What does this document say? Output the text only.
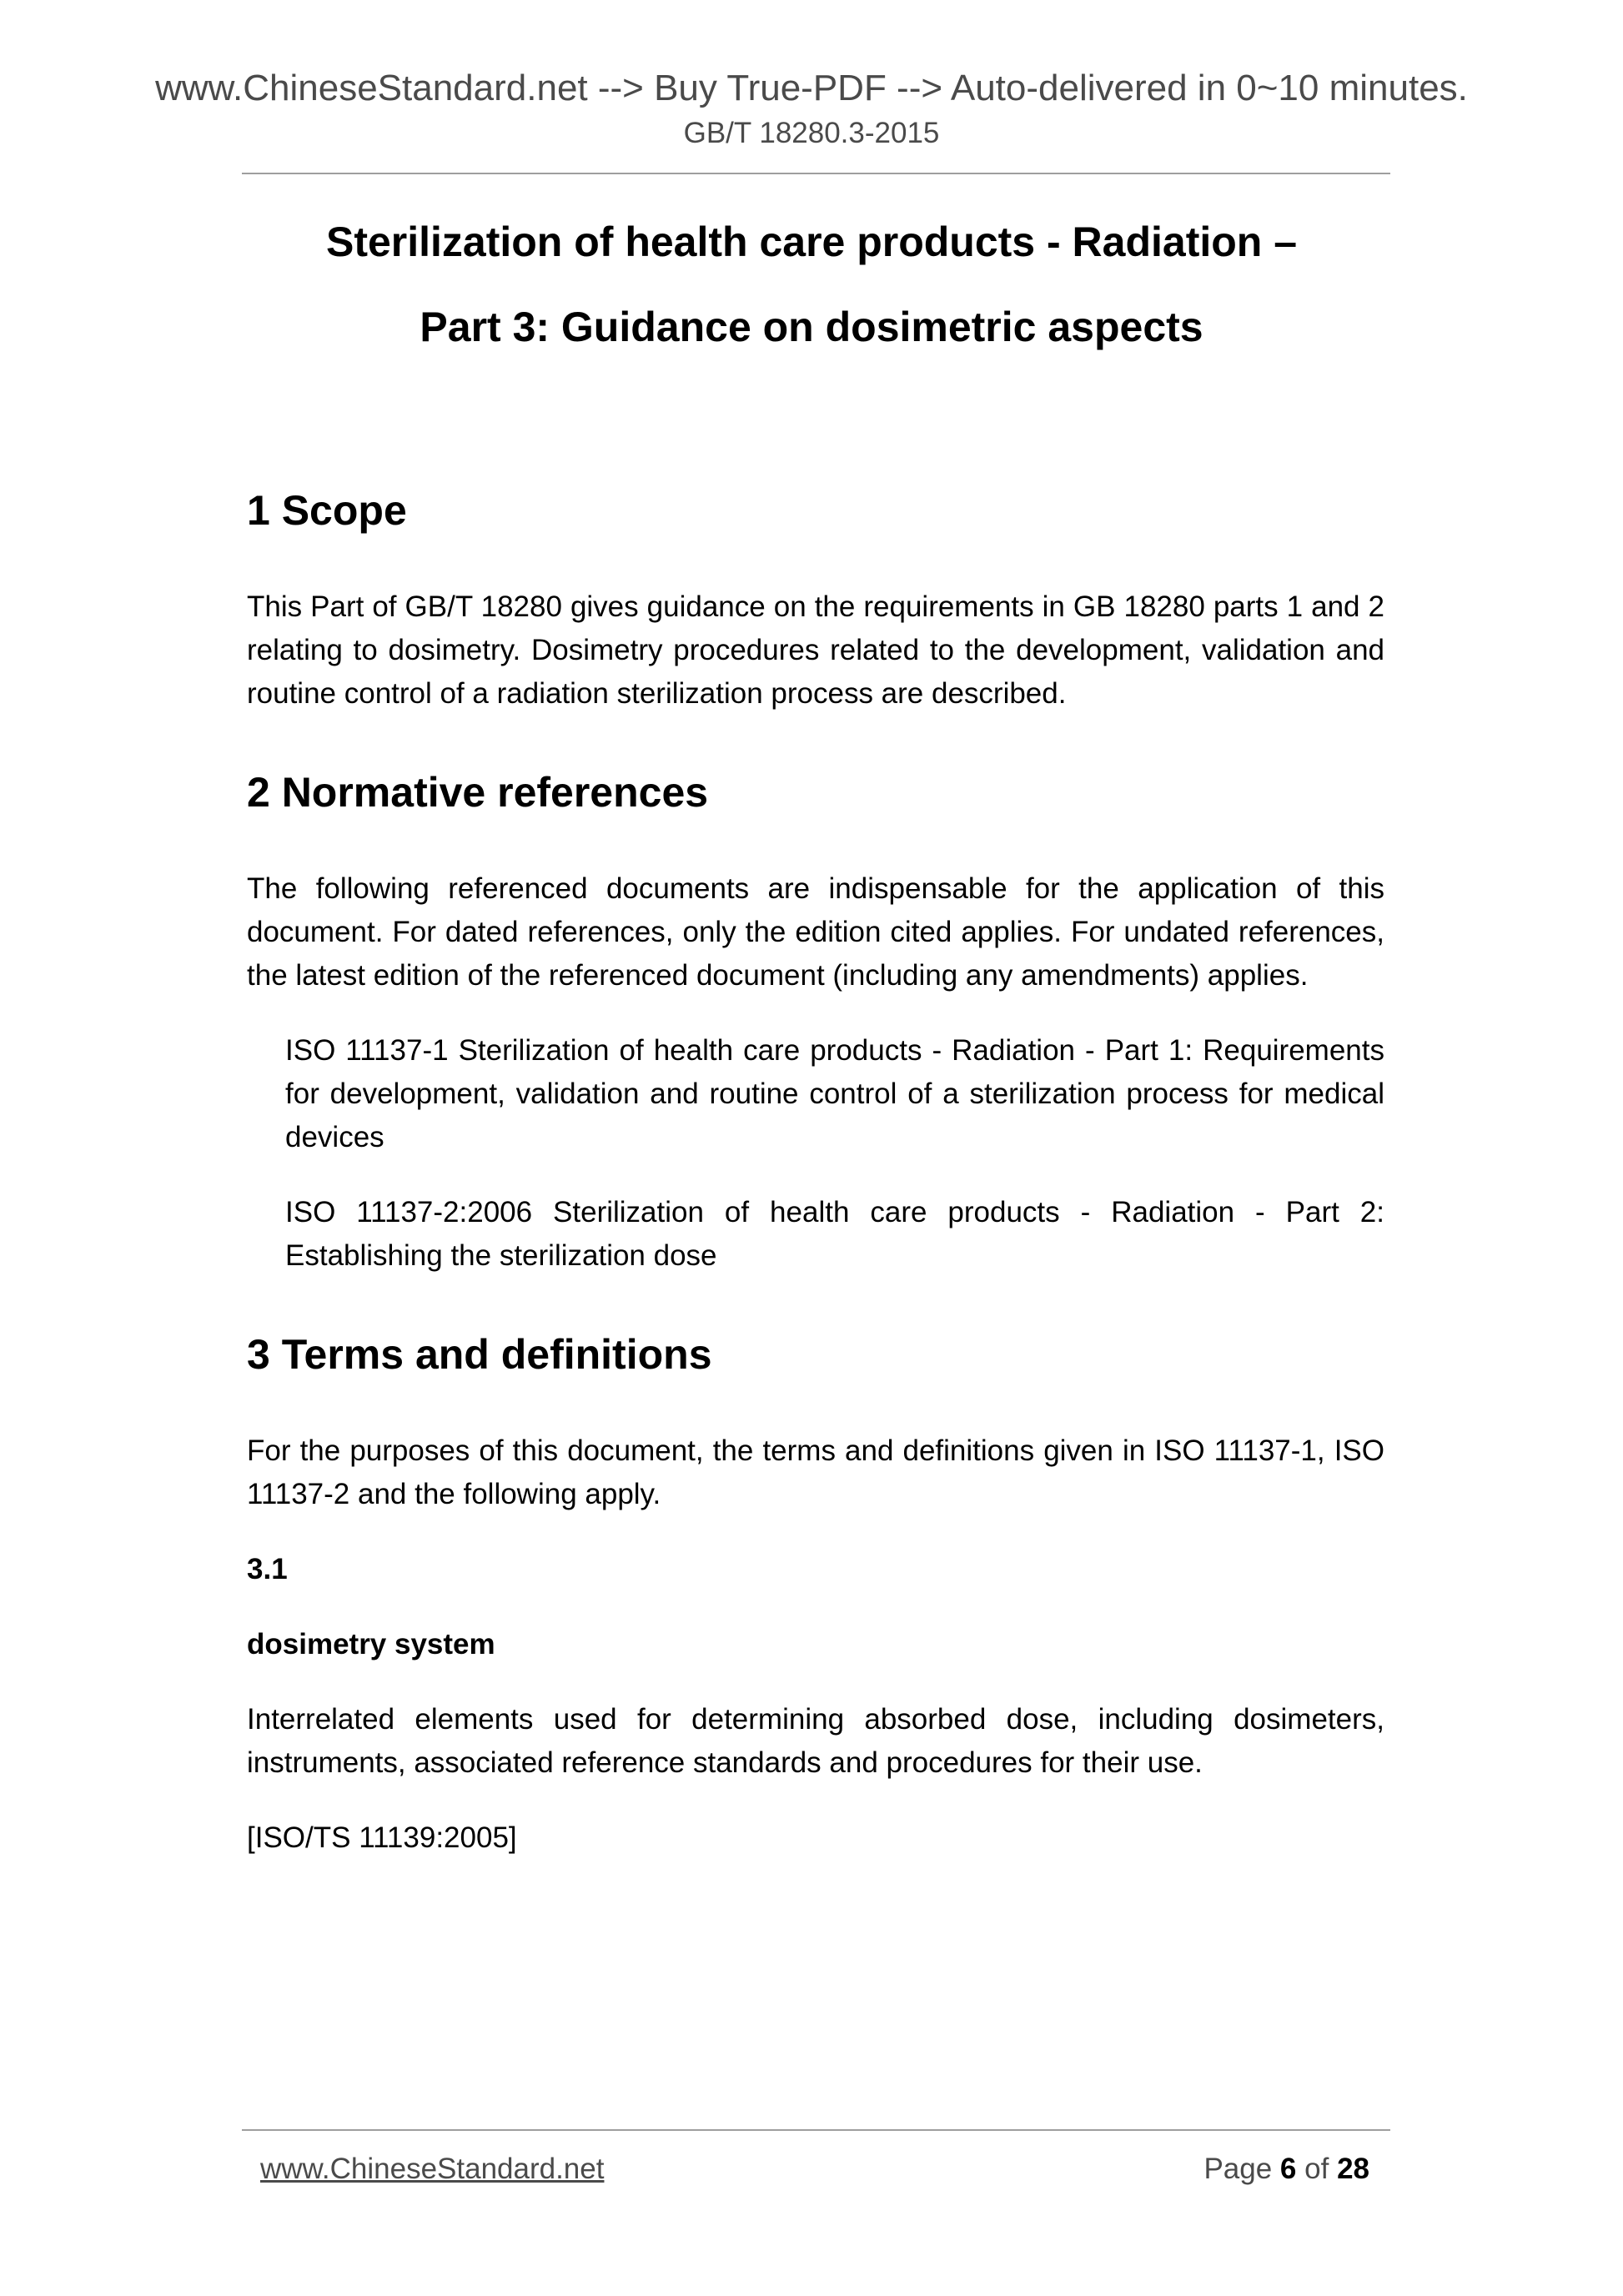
www.ChineseStandard.net --> Buy True-PDF --> Auto-delivered in 0~10 minutes.
GB/T 18280.3-2015
Sterilization of health care products - Radiation –
Part 3: Guidance on dosimetric aspects
1 Scope

This Part of GB/T 18280 gives guidance on the requirements in GB 18280 parts 1 and 2 relating to dosimetry. Dosimetry procedures related to the development, validation and routine control of a radiation sterilization process are described.

2 Normative references

The following referenced documents are indispensable for the application of this document. For dated references, only the edition cited applies. For undated references, the latest edition of the referenced document (including any amendments) applies.

ISO 11137-1 Sterilization of health care products - Radiation - Part 1: Requirements for development, validation and routine control of a sterilization process for medical devices

ISO 11137-2:2006 Sterilization of health care products - Radiation - Part 2: Establishing the sterilization dose

3 Terms and definitions

For the purposes of this document, the terms and definitions given in ISO 11137-1, ISO 11137-2 and the following apply.

3.1

dosimetry system

Interrelated elements used for determining absorbed dose, including dosimeters, instruments, associated reference standards and procedures for their use.

[ISO/TS 11139:2005]

www.ChineseStandard.net	Page 6 of 28
